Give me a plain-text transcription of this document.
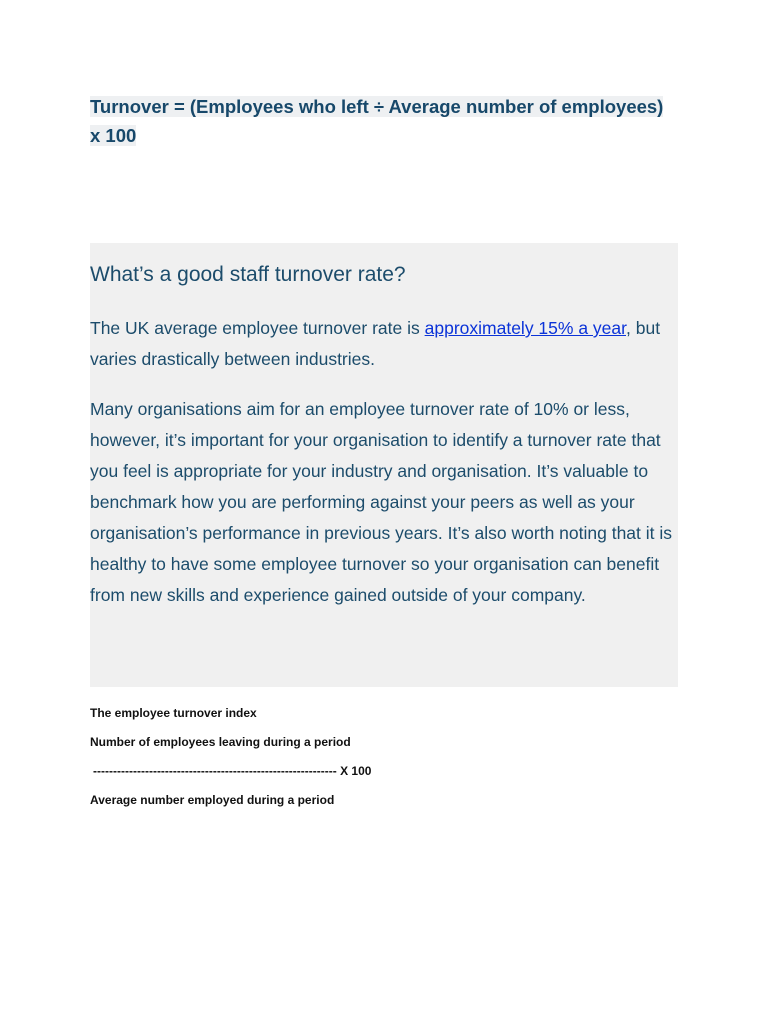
Turnover = (Employees who left ÷ Average number of employees)
x 100
What’s a good staff turnover rate?

The UK average employee turnover rate is approximately 15% a year, but varies drastically between industries.

Many organisations aim for an employee turnover rate of 10% or less, however, it’s important for your organisation to identify a turnover rate that you feel is appropriate for your industry and organisation. It’s valuable to benchmark how you are performing against your peers as well as your organisation’s performance in previous years. It’s also worth noting that it is healthy to have some employee turnover so your organisation can benefit from new skills and experience gained outside of your company.

The employee turnover index

Number of employees leaving during a period

------------------------------------------------------------- X 100

Average number employed during a period
